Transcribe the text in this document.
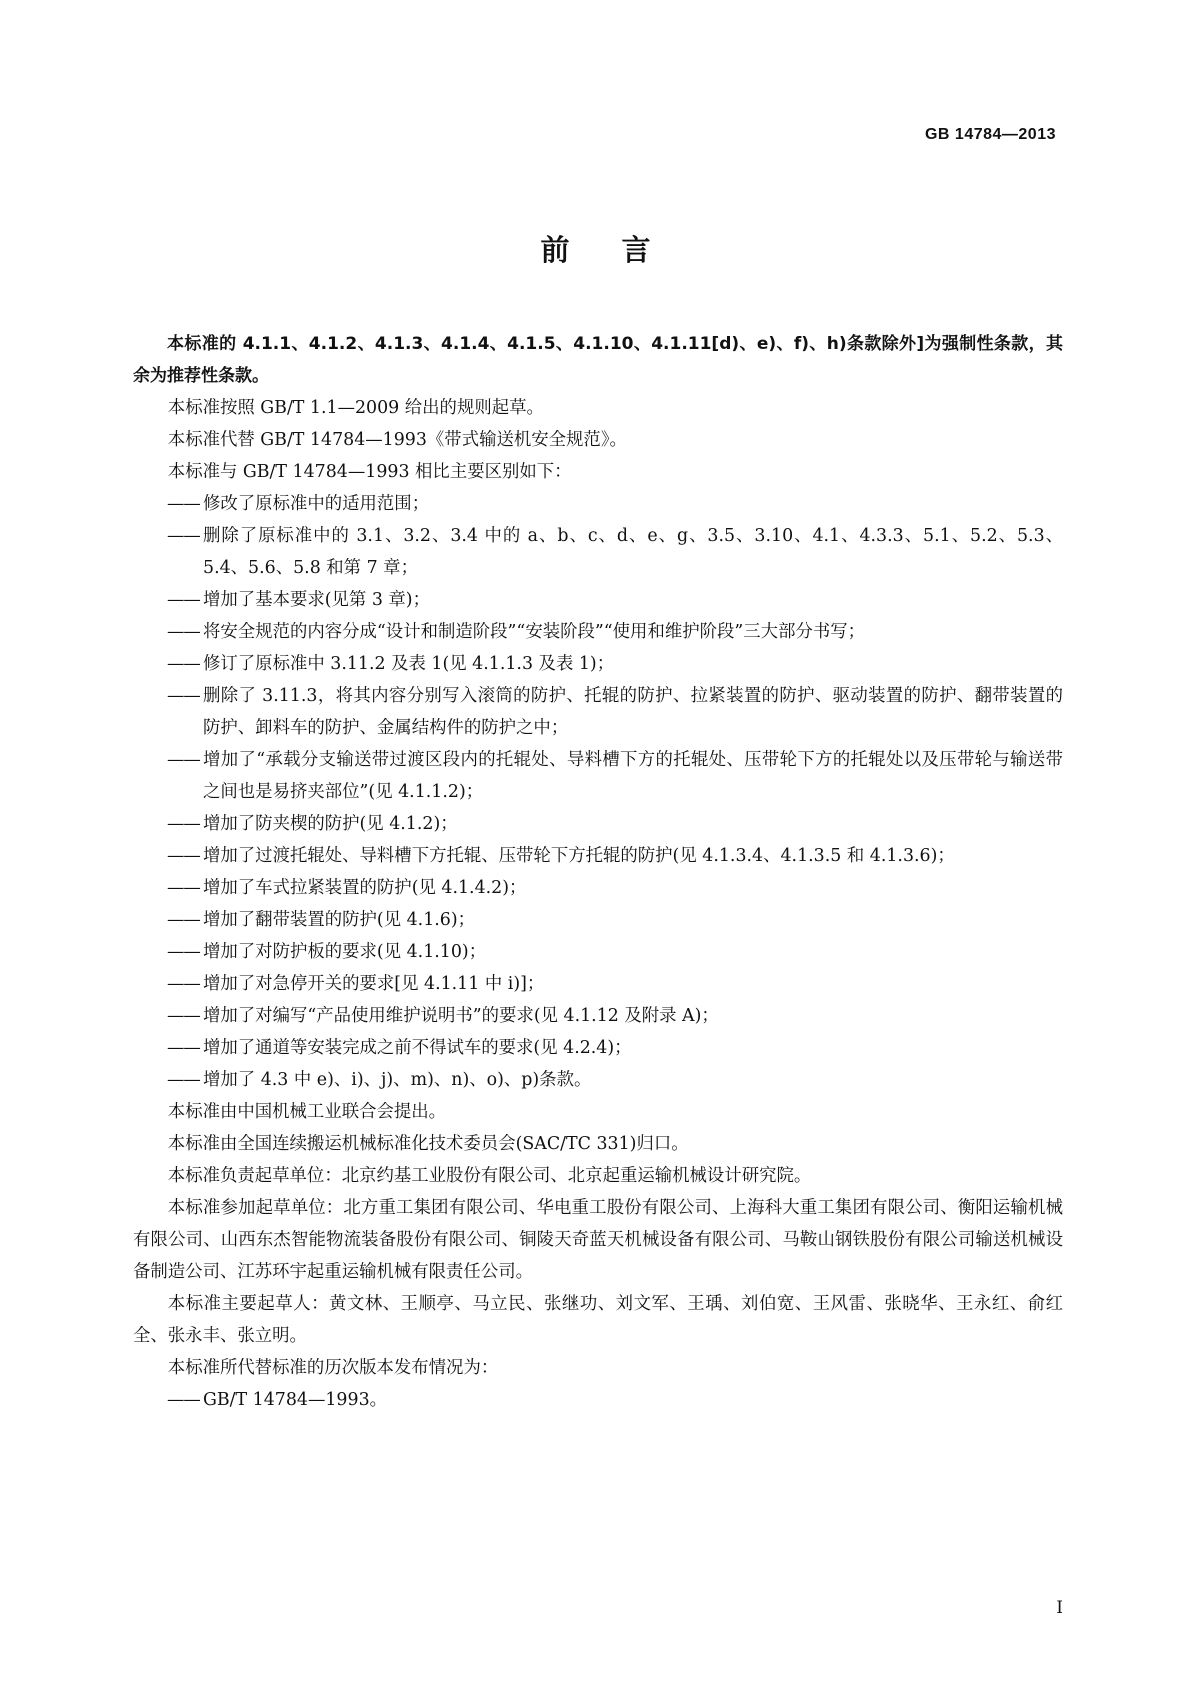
GB 14784—2013
前言

本标准的 4.1.1、4.1.2、4.1.3、4.1.4、4.1.5、4.1.10、4.1.11[d)、e)、f)、h)条款除外]为强制性条款，其余为推荐性条款。

本标准按照 GB/T 1.1—2009 给出的规则起草。

本标准代替 GB/T 14784—1993《带式输送机安全规范》。

本标准与 GB/T 14784—1993 相比主要区别如下：

—— 修改了原标准中的适用范围；
—— 删除了原标准中的 3.1、3.2、3.4 中的 a、b、c、d、e、g、3.5、3.10、4.1、4.3.3、5.1、5.2、5.3、5.4、5.6、5.8 和第 7 章；
—— 增加了基本要求(见第 3 章)；
—— 将安全规范的内容分成“设计和制造阶段”“安装阶段”“使用和维护阶段”三大部分书写；
—— 修订了原标准中 3.11.2 及表 1(见 4.1.1.3 及表 1)；
—— 删除了 3.11.3，将其内容分别写入滚筒的防护、托辊的防护、拉紧装置的防护、驱动装置的防护、翻带装置的防护、卸料车的防护、金属结构件的防护之中；
—— 增加了“承载分支输送带过渡区段内的托辊处、导料槽下方的托辊处、压带轮下方的托辊处以及压带轮与输送带之间也是易挤夹部位”(见 4.1.1.2)；
—— 增加了防夹楔的防护(见 4.1.2)；
—— 增加了过渡托辊处、导料槽下方托辊、压带轮下方托辊的防护(见 4.1.3.4、4.1.3.5 和 4.1.3.6)；
—— 增加了车式拉紧装置的防护(见 4.1.4.2)；
—— 增加了翻带装置的防护(见 4.1.6)；
—— 增加了对防护板的要求(见 4.1.10)；
—— 增加了对急停开关的要求[见 4.1.11 中 i)]；
—— 增加了对编写“产品使用维护说明书”的要求(见 4.1.12 及附录 A)；
—— 增加了通道等安装完成之前不得试车的要求(见 4.2.4)；
—— 增加了 4.3 中 e)、i)、j)、m)、n)、o)、p)条款。

本标准由中国机械工业联合会提出。

本标准由全国连续搬运机械标准化技术委员会(SAC/TC 331)归口。

本标准负责起草单位：北京约基工业股份有限公司、北京起重运输机械设计研究院。

本标准参加起草单位：北方重工集团有限公司、华电重工股份有限公司、上海科大重工集团有限公司、衡阳运输机械有限公司、山西东杰智能物流装备股份有限公司、铜陵天奇蓝天机械设备有限公司、马鞍山钢铁股份有限公司输送机械设备制造公司、江苏环宇起重运输机械有限责任公司。

本标准主要起草人：黄文林、王顺亭、马立民、张继功、刘文军、王瑀、刘伯宽、王风雷、张晓华、王永红、俞红全、张永丰、张立明。

本标准所代替标准的历次版本发布情况为：

—— GB/T 14784—1993。
I
